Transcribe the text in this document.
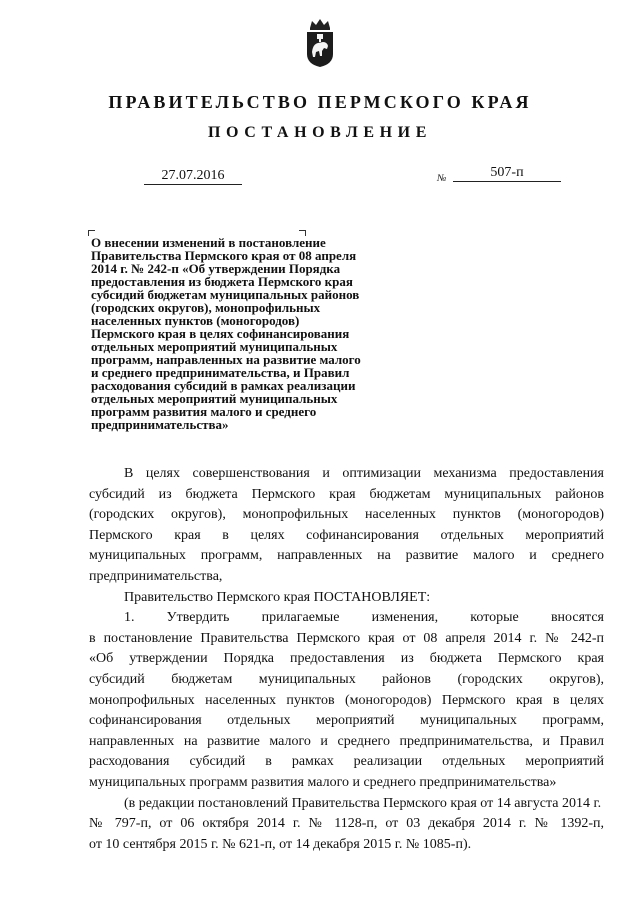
ПРАВИТЕЛЬСТВО ПЕРМСКОГО КРАЯ
ПОСТАНОВЛЕНИЕ
27.07.2016	№	507-п
О внесении изменений в постановление
Правительства Пермского края от 08 апреля
2014 г. № 242-п «Об утверждении Порядка
предоставления из бюджета Пермского края
субсидий бюджетам муниципальных районов
(городских округов), монопрофильных
населенных пунктов (моногородов)
Пермского края в целях софинансирования
отдельных мероприятий муниципальных
программ, направленных на развитие малого
и среднего предпринимательства, и Правил
расходования субсидий в рамках реализации
отдельных мероприятий муниципальных
программ развития малого и среднего
предпринимательства»
В целях совершенствования и оптимизации механизма предоставления
субсидий из бюджета Пермского края бюджетам муниципальных районов
(городских округов), монопрофильных населенных пунктов (моногородов)
Пермского края в целях софинансирования отдельных мероприятий
муниципальных программ, направленных на развитие малого и среднего
предпринимательства,
Правительство Пермского края ПОСТАНОВЛЯЕТ:
1. Утвердить прилагаемые изменения, которые вносятся
в постановление Правительства Пермского края от 08 апреля 2014 г. № 242-п
«Об утверждении Порядка предоставления из бюджета Пермского края
субсидий бюджетам муниципальных районов (городских округов),
монопрофильных населенных пунктов (моногородов) Пермского края в целях
софинансирования отдельных мероприятий муниципальных программ,
направленных на развитие малого и среднего предпринимательства, и Правил
расходования субсидий в рамках реализации отдельных мероприятий
муниципальных программ развития малого и среднего предпринимательства»
(в редакции постановлений Правительства Пермского края от 14 августа 2014 г.
№ 797-п, от 06 октября 2014 г. № 1128-п, от 03 декабря 2014 г. № 1392-п,
от 10 сентября 2015 г. № 621-п, от 14 декабря 2015 г. № 1085-п).
